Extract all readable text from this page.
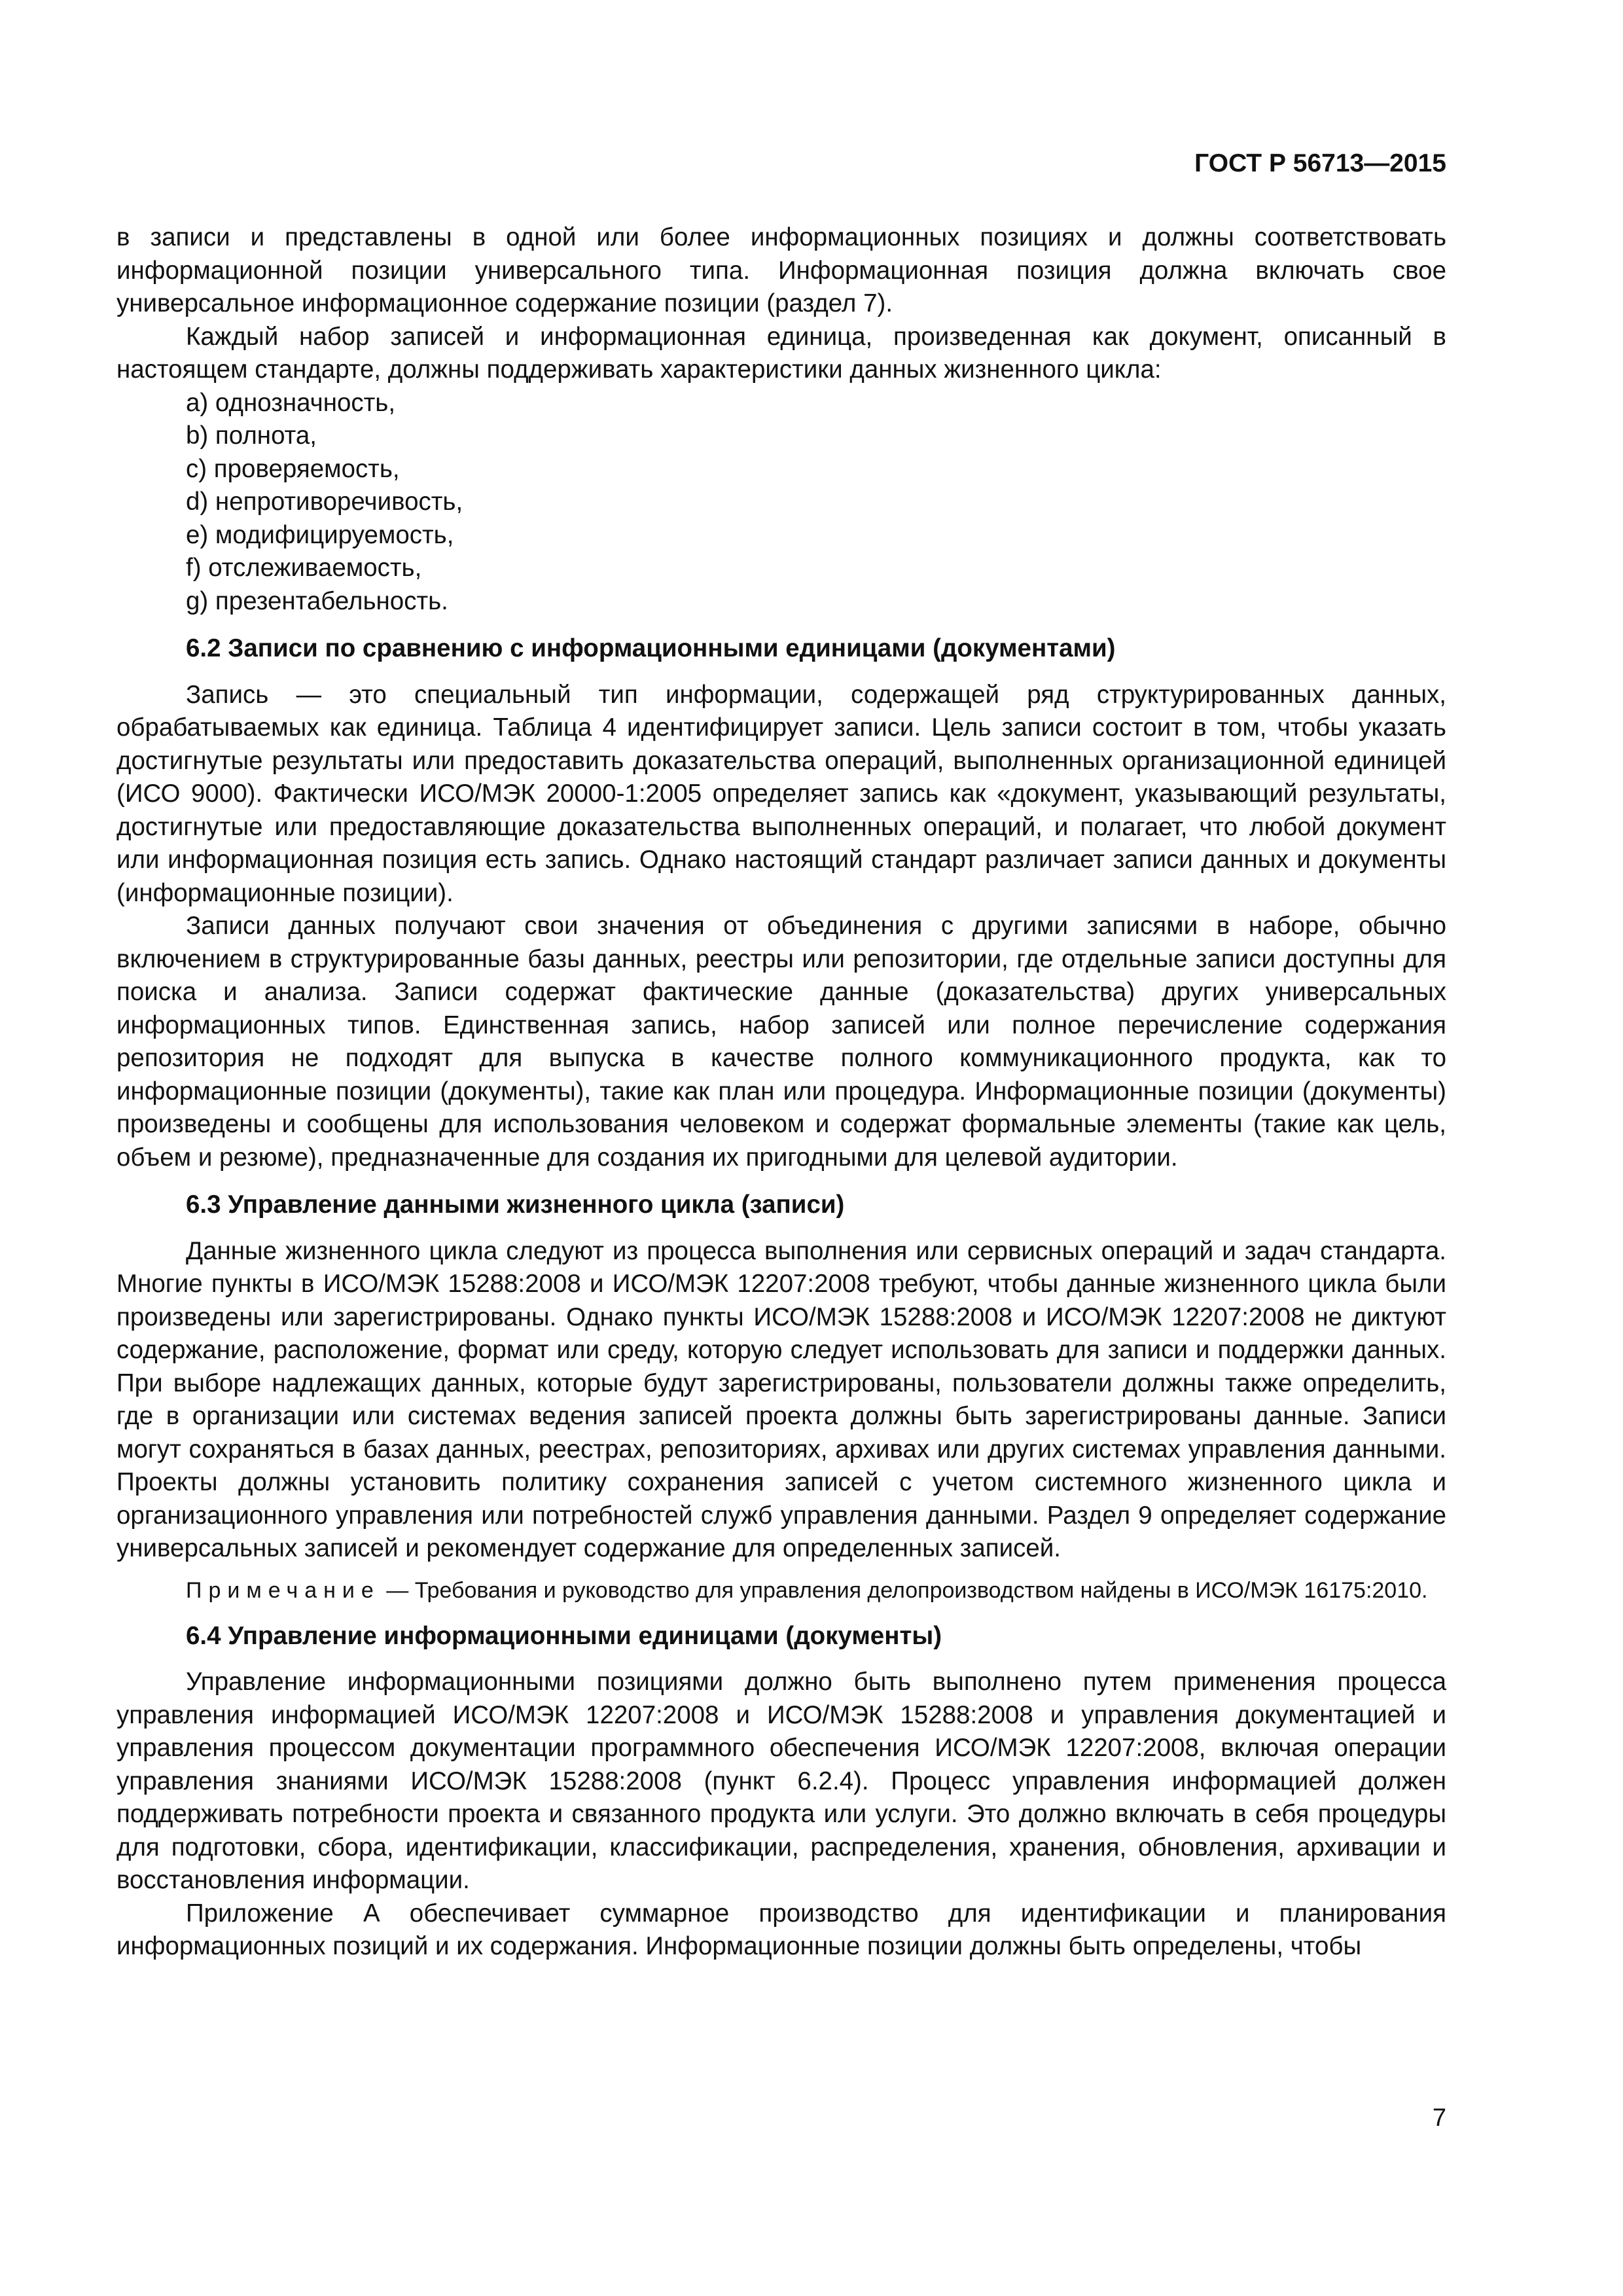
ГОСТ Р 56713—2015

в записи и представлены в одной или более информационных позициях и должны соответствовать информационной позиции универсального типа. Информационная позиция должна включать свое универсальное информационное содержание позиции (раздел 7).

Каждый набор записей и информационная единица, произведенная как документ, описанный в настоящем стандарте, должны поддерживать характеристики данных жизненного цикла:

a) однозначность,
b) полнота,
c) проверяемость,
d) непротиворечивость,
e) модифицируемость,
f) отслеживаемость,
g) презентабельность.
6.2 Записи по сравнению с информационными единицами (документами)

Запись — это специальный тип информации, содержащей ряд структурированных данных, обрабатываемых как единица. Таблица 4 идентифицирует записи. Цель записи состоит в том, чтобы указать достигнутые результаты или предоставить доказательства операций, выполненных организационной единицей (ИСО 9000). Фактически ИСО/МЭК 20000-1:2005 определяет запись как «документ, указывающий результаты, достигнутые или предоставляющие доказательства выполненных операций, и полагает, что любой документ или информационная позиция есть запись. Однако настоящий стандарт различает записи данных и документы (информационные позиции).

Записи данных получают свои значения от объединения с другими записями в наборе, обычно включением в структурированные базы данных, реестры или репозитории, где отдельные записи доступны для поиска и анализа. Записи содержат фактические данные (доказательства) других универсальных информационных типов. Единственная запись, набор записей или полное перечисление содержания репозитория не подходят для выпуска в качестве полного коммуникационного продукта, как то информационные позиции (документы), такие как план или процедура. Информационные позиции (документы) произведены и сообщены для использования человеком и содержат формальные элементы (такие как цель, объем и резюме), предназначенные для создания их пригодными для целевой аудитории.

6.3 Управление данными жизненного цикла (записи)

Данные жизненного цикла следуют из процесса выполнения или сервисных операций и задач стандарта. Многие пункты в ИСО/МЭК 15288:2008 и ИСО/МЭК 12207:2008 требуют, чтобы данные жизненного цикла были произведены или зарегистрированы. Однако пункты ИСО/МЭК 15288:2008 и ИСО/МЭК 12207:2008 не диктуют содержание, расположение, формат или среду, которую следует использовать для записи и поддержки данных. При выборе надлежащих данных, которые будут зарегистрированы, пользователи должны также определить, где в организации или системах ведения записей проекта должны быть зарегистрированы данные. Записи могут сохраняться в базах данных, реестрах, репозиториях, архивах или других системах управления данными. Проекты должны установить политику сохранения записей с учетом системного жизненного цикла и организационного управления или потребностей служб управления данными. Раздел 9 определяет содержание универсальных записей и рекомендует содержание для определенных записей.

Примечание — Требования и руководство для управления делопроизводством найдены в ИСО/МЭК 16175:2010.

6.4 Управление информационными единицами (документы)

Управление информационными позициями должно быть выполнено путем применения процесса управления информацией ИСО/МЭК 12207:2008 и ИСО/МЭК 15288:2008 и управления документацией и управления процессом документации программного обеспечения ИСО/МЭК 12207:2008, включая операции управления знаниями ИСО/МЭК 15288:2008 (пункт 6.2.4). Процесс управления информацией должен поддерживать потребности проекта и связанного продукта или услуги. Это должно включать в себя процедуры для подготовки, сбора, идентификации, классификации, распределения, хранения, обновления, архивации и восстановления информации.

Приложение А обеспечивает суммарное производство для идентификации и планирования информационных позиций и их содержания. Информационные позиции должны быть определены, чтобы

7
